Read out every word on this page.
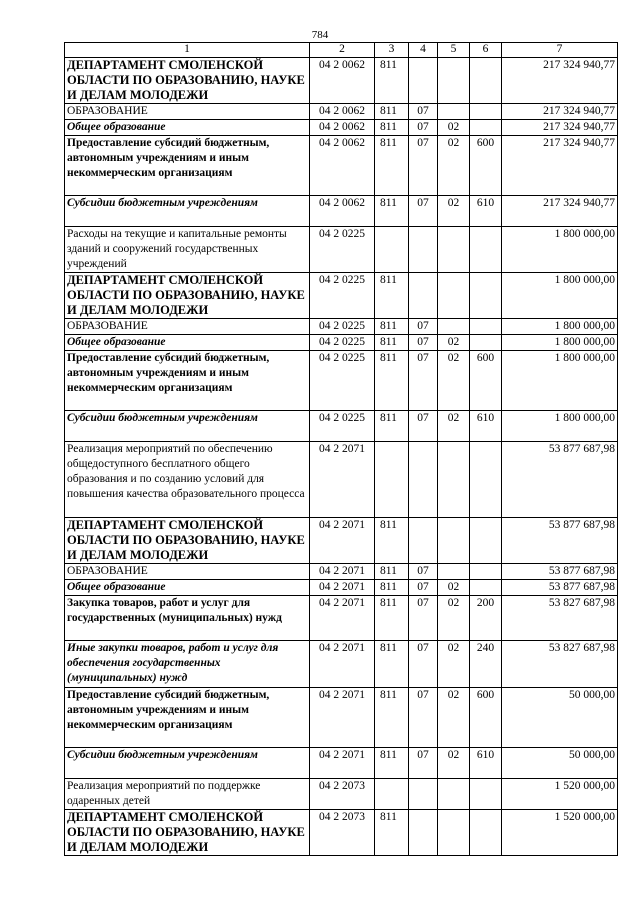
784
1	2	3	4	5	6	7
ДЕПАРТАМЕНТ СМОЛЕНСКОЙ ОБЛАСТИ ПО ОБРАЗОВАНИЮ, НАУКЕ И ДЕЛАМ МОЛОДЕЖИ	04 2 0062	811				217 324 940,77
ОБРАЗОВАНИЕ	04 2 0062	811	07			217 324 940,77
Общее образование	04 2 0062	811	07	02		217 324 940,77
Предоставление субсидий бюджетным, автономным учреждениям и иным некоммерческим организациям	04 2 0062	811	07	02	600	217 324 940,77
Субсидии бюджетным учреждениям	04 2 0062	811	07	02	610	217 324 940,77
Расходы на текущие и капитальные ремонты зданий и сооружений государственных учреждений	04 2 0225					1 800 000,00
ДЕПАРТАМЕНТ СМОЛЕНСКОЙ ОБЛАСТИ ПО ОБРАЗОВАНИЮ, НАУКЕ И ДЕЛАМ МОЛОДЕЖИ	04 2 0225	811				1 800 000,00
ОБРАЗОВАНИЕ	04 2 0225	811	07			1 800 000,00
Общее образование	04 2 0225	811	07	02		1 800 000,00
Предоставление субсидий бюджетным, автономным учреждениям и иным некоммерческим организациям	04 2 0225	811	07	02	600	1 800 000,00
Субсидии бюджетным учреждениям	04 2 0225	811	07	02	610	1 800 000,00
Реализация мероприятий по обеспечению общедоступного бесплатного общего образования и по созданию условий для повышения качества образовательного процесса	04 2 2071					53 877 687,98
ДЕПАРТАМЕНТ СМОЛЕНСКОЙ ОБЛАСТИ ПО ОБРАЗОВАНИЮ, НАУКЕ И ДЕЛАМ МОЛОДЕЖИ	04 2 2071	811				53 877 687,98
ОБРАЗОВАНИЕ	04 2 2071	811	07			53 877 687,98
Общее образование	04 2 2071	811	07	02		53 877 687,98
Закупка товаров, работ и услуг для государственных (муниципальных) нужд	04 2 2071	811	07	02	200	53 827 687,98
Иные закупки товаров, работ и услуг для обеспечения государственных (муниципальных) нужд	04 2 2071	811	07	02	240	53 827 687,98
Предоставление субсидий бюджетным, автономным учреждениям и иным некоммерческим организациям	04 2 2071	811	07	02	600	50 000,00
Субсидии бюджетным учреждениям	04 2 2071	811	07	02	610	50 000,00
Реализация мероприятий по поддержке одаренных детей	04 2 2073					1 520 000,00
ДЕПАРТАМЕНТ СМОЛЕНСКОЙ ОБЛАСТИ ПО ОБРАЗОВАНИЮ, НАУКЕ И ДЕЛАМ МОЛОДЕЖИ	04 2 2073	811				1 520 000,00
